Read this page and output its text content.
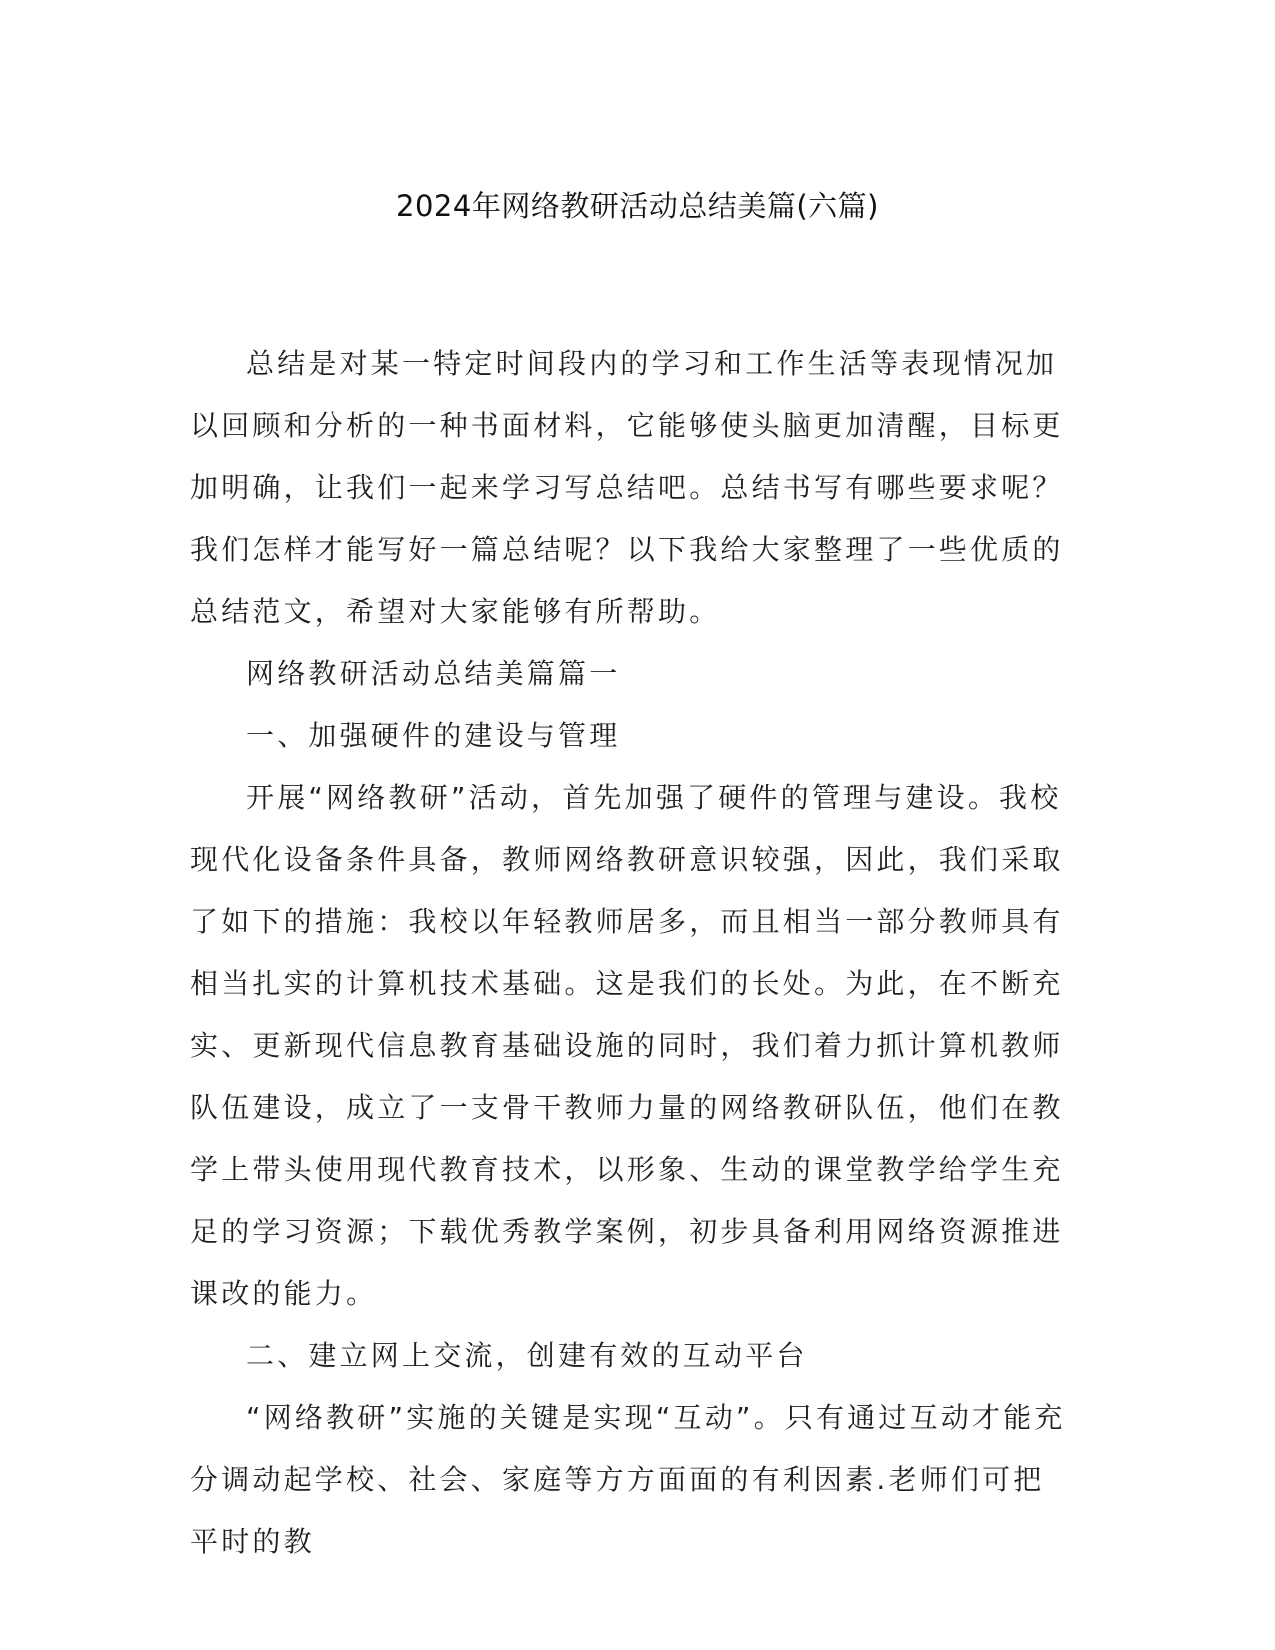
2024年网络教研活动总结美篇(六篇)

总结是对某一特定时间段内的学习和工作生活等表现情况加以回顾和分析的一种书面材料，它能够使头脑更加清醒，目标更加明确，让我们一起来学习写总结吧。总结书写有哪些要求呢？我们怎样才能写好一篇总结呢？以下我给大家整理了一些优质的总结范文，希望对大家能够有所帮助。

网络教研活动总结美篇篇一

一、加强硬件的建设与管理

开展“网络教研”活动，首先加强了硬件的管理与建设。我校现代化设备条件具备，教师网络教研意识较强，因此，我们采取了如下的措施：我校以年轻教师居多，而且相当一部分教师具有相当扎实的计算机技术基础。这是我们的长处。为此，在不断充实、更新现代信息教育基础设施的同时，我们着力抓计算机教师队伍建设，成立了一支骨干教师力量的网络教研队伍，他们在教学上带头使用现代教育技术，以形象、生动的课堂教学给学生充足的学习资源；下载优秀教学案例，初步具备利用网络资源推进课改的能力。

二、建立网上交流，创建有效的互动平台

“网络教研”实施的关键是实现“互动”。只有通过互动才能充分调动起学校、社会、家庭等方方面面的有利因素.老师们可把平时的教
